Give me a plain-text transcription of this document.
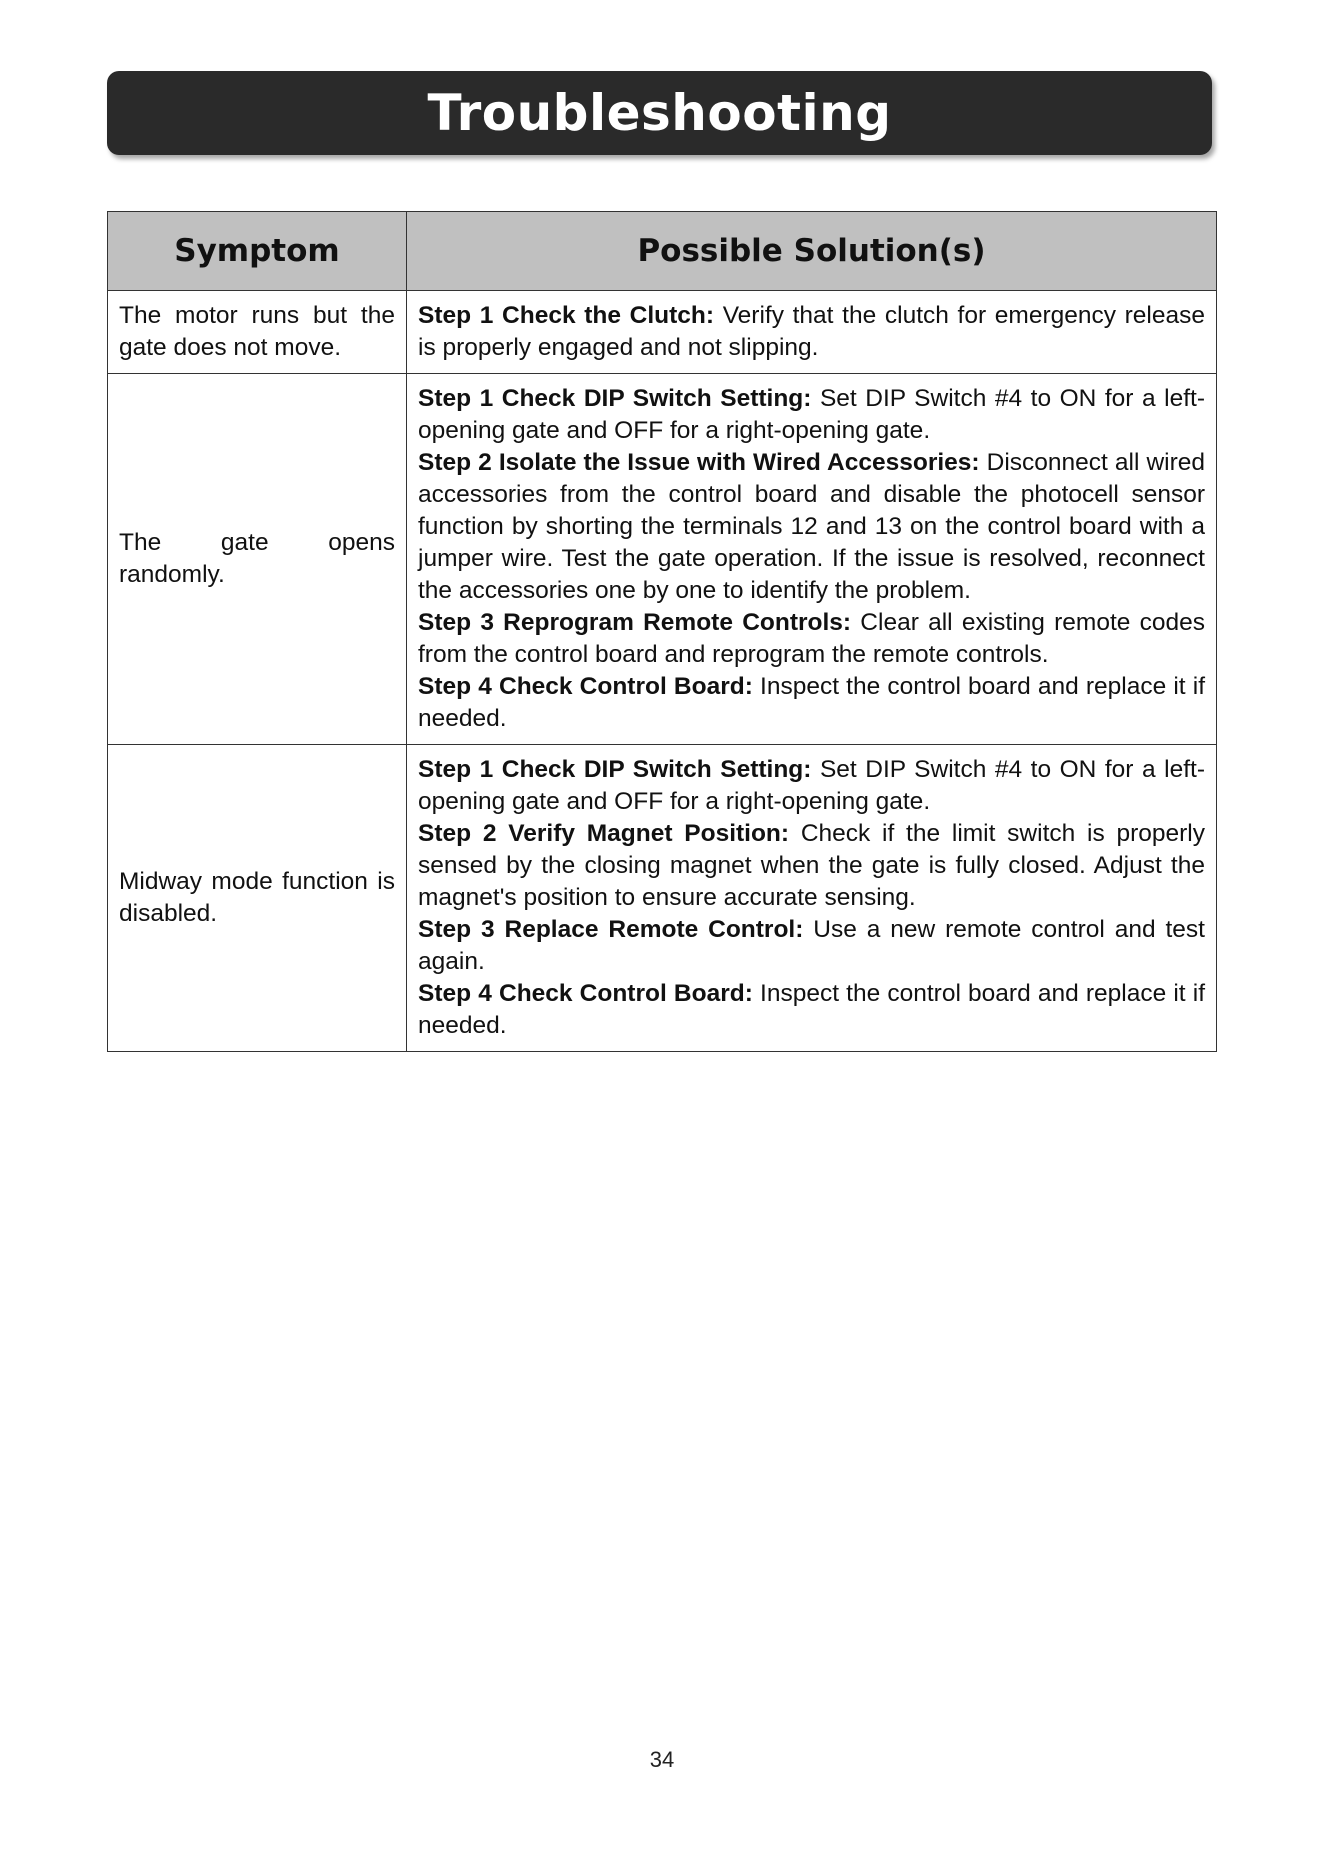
Troubleshooting
Symptom	Possible Solution(s)
The motor runs but the gate does not move.	Step 1 Check the Clutch: Verify that the clutch for emergency release is properly engaged and not slipping.

The gate opens randomly.	Step 1 Check DIP Switch Setting: Set DIP Switch #4 to ON for a left-opening gate and OFF for a right-opening gate.
Step 2 Isolate the Issue with Wired Accessories: Disconnect all wired accessories from the control board and disable the photocell sensor function by shorting the terminals 12 and 13 on the control board with a jumper wire. Test the gate operation. If the issue is resolved, reconnect the accessories one by one to identify the problem.
Step 3 Reprogram Remote Controls: Clear all existing remote codes from the control board and reprogram the remote controls.
Step 4 Check Control Board: Inspect the control board and replace it if needed.

Midway mode function is disabled.	Step 1 Check DIP Switch Setting: Set DIP Switch #4 to ON for a left-opening gate and OFF for a right-opening gate.
Step 2 Verify Magnet Position: Check if the limit switch is properly sensed by the closing magnet when the gate is fully closed. Adjust the magnet's position to ensure accurate sensing.
Step 3 Replace Remote Control: Use a new remote control and test again.
Step 4 Check Control Board: Inspect the control board and replace it if needed.
34
